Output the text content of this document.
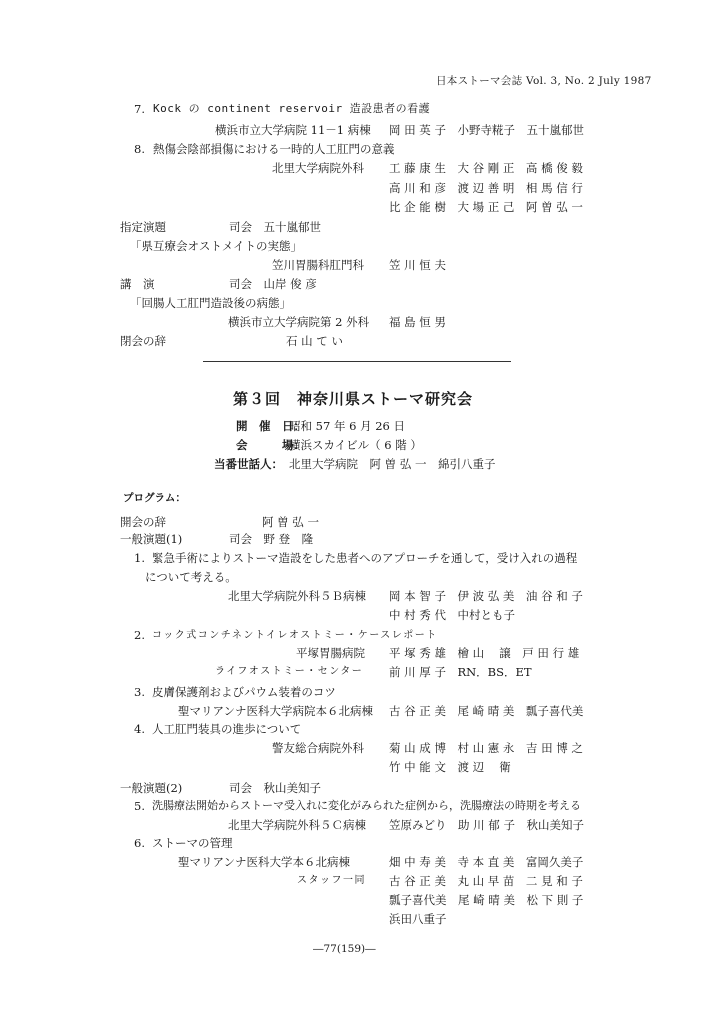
日本ストーマ会誌 Vol. 3, No. 2 July 1987
7. Kock の continent reservoir 造設患者の看護
横浜市立大学病院 11－1 病棟 岡 田 英 子　小野寺糀子　五十嵐郁世
8. 熱傷会陰部損傷における一時的人工肛門の意義
北里大学病院外科 工 藤 康 生　大 谷 剛 正　高 橋 俊 毅
高 川 和 彦　渡 辺 善 明　相 馬 信 行
比 企 能 樹　大 場 正 己　阿 曽 弘 一
指定演題	司会　五十嵐郁世
「県互療会オストメイトの実態」
笠川胃腸科肛門科 笠 川 恒 夫
講　演	司会　山岸 俊 彦
「回腸人工肛門造設後の病態」
横浜市立大学病院第 2 外科 福 島 恒 男
閉会の辞	石 山 て い
第３回　神奈川県ストーマ研究会
開　催　日：
昭和 57 年 6 月 26 日
会　　　場：
横浜スカイビル（ 6 階 ）
当番世話人： 北里大学病院　阿 曽 弘 一　綿引八重子
プログラム：
開会の辞	阿 曽 弘 一
一般演題(1)	司会　野 登　隆
1. 緊急手術によりストーマ造設をした患者へのアプローチを通して，受け入れの過程
について考える。
北里大学病院外科５Ｂ病棟 岡 本 智 子　伊 波 弘 美　油 谷 和 子
中 村 秀 代　中村とも子
2. コック式コンチネントイレオストミー・ケースレポート
平塚胃腸病院 平 塚 秀 雄　檜 山　 譲　戸 田 行 雄
ライフオストミー・センター 前 川 厚 子　RN．BS．ET
3. 皮膚保護剤およびパウム装着のコツ
聖マリアンナ医科大学病院本６北病棟 古 谷 正 美　尾 崎 晴 美　瓢子喜代美
4. 人工肛門装具の進歩について
警友総合病院外科 菊 山 成 博　村 山 憲 永　吉 田 博 之
竹 中 能 文　渡 辺　 衛
一般演題(2)	司会　秋山美知子
5. 洗腸療法開始からストーマ受入れに変化がみられた症例から，洗腸療法の時期を考える
北里大学病院外科５Ｃ病棟 笠原みどり　助 川 郁 子　秋山美知子
6. ストーマの管理
聖マリアンナ医科大学本６北病棟	畑 中 寿 美　寺 本 直 美　富岡久美子
スタッフ一同 古 谷 正 美　丸 山 早 苗　二 見 和 子
瓢子喜代美　尾 崎 晴 美　松 下 則 子
浜田八重子
―77(159)―
